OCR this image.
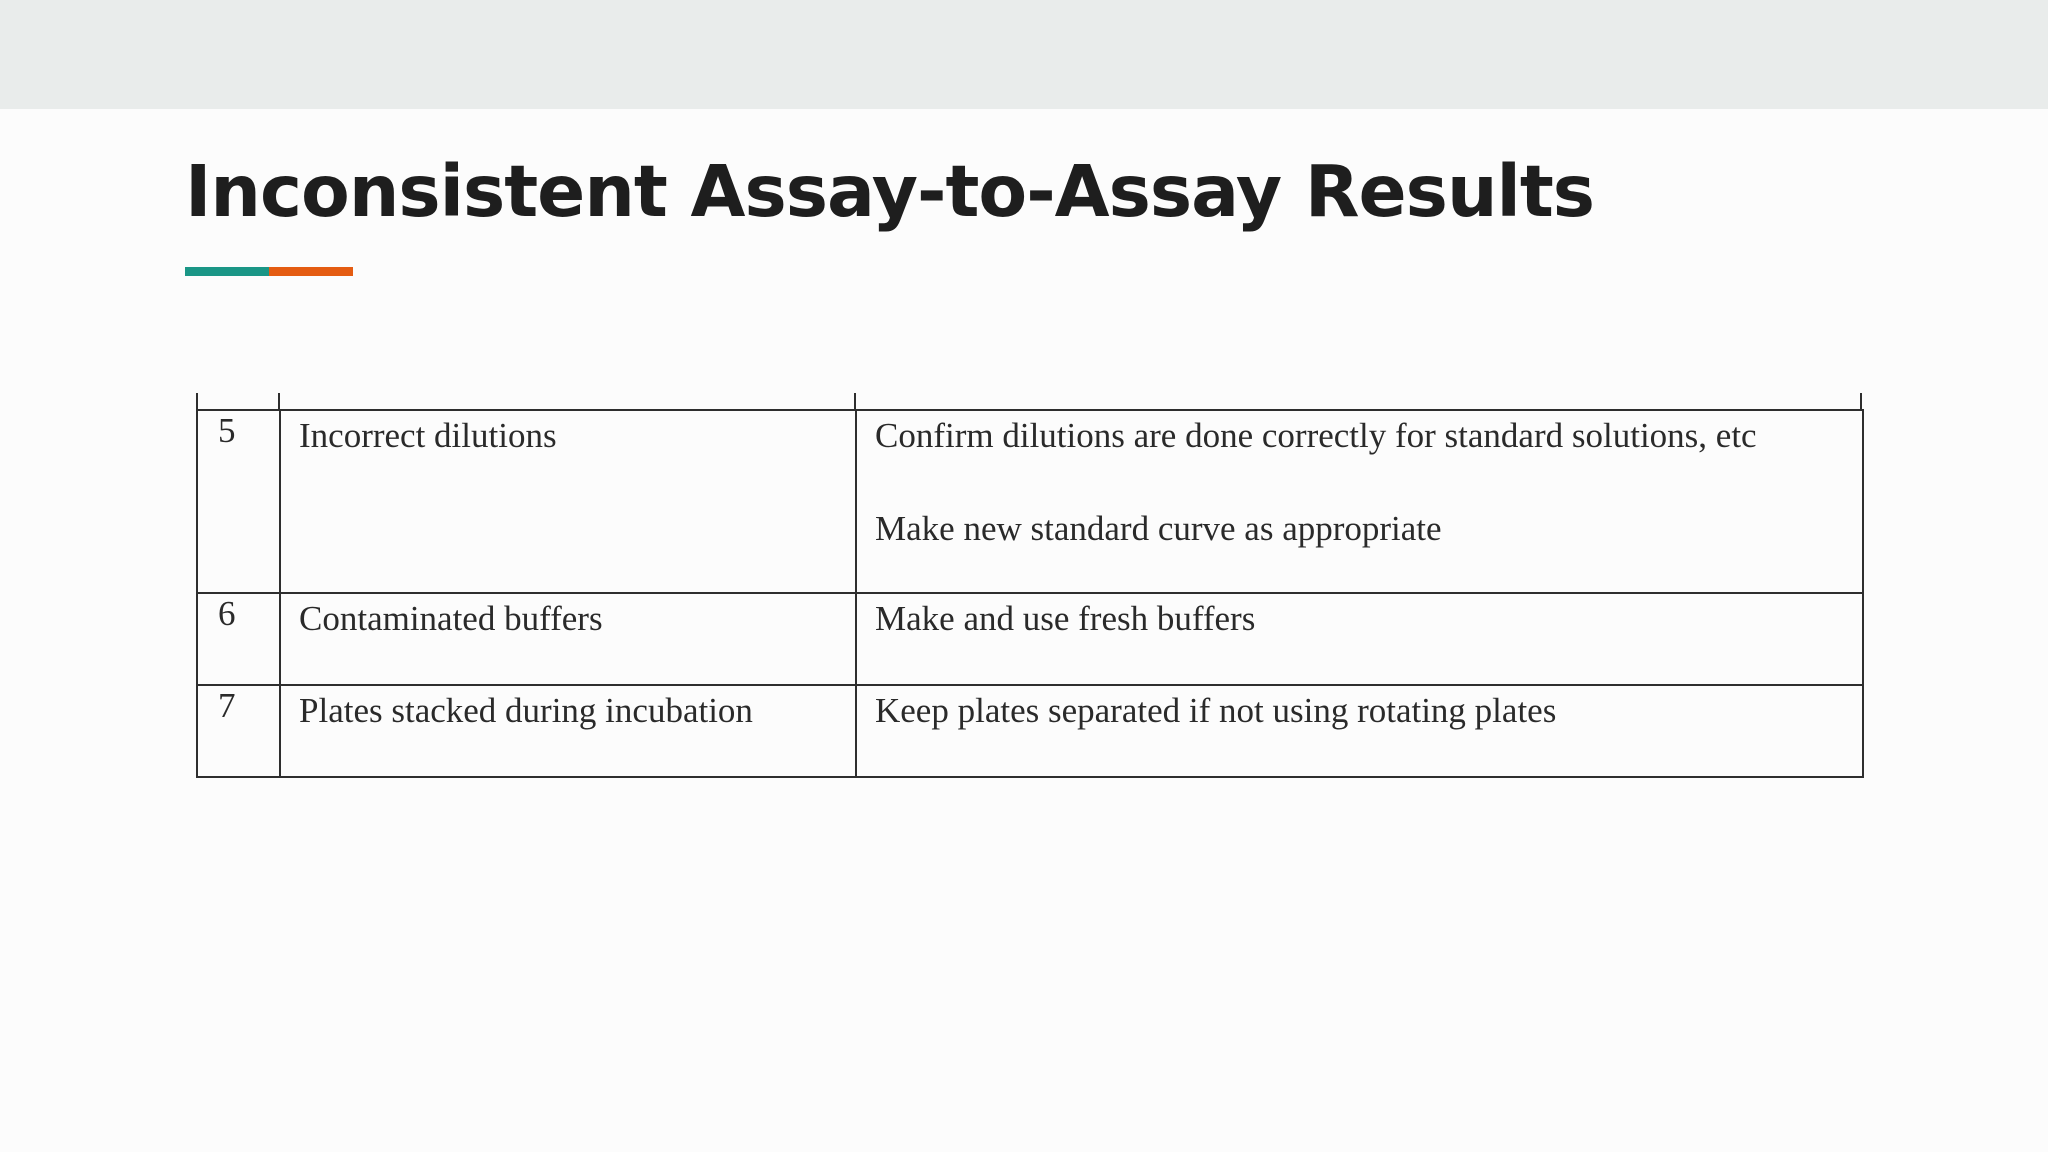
Inconsistent Assay-to-Assay Results
5	Incorrect dilutions	Confirm dilutions are done correctly for standard solutions, etc
Make new standard curve as appropriate

6	Contaminated buffers	Make and use fresh buffers

7	Plates stacked during incubation	Keep plates separated if not using rotating plates
